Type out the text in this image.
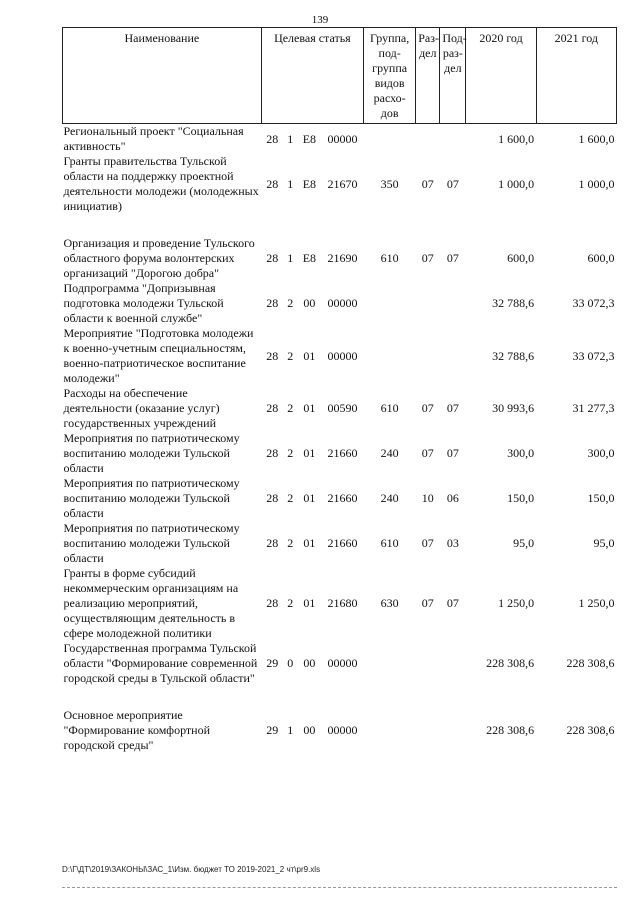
139
Наименование	Целевая статья				Группа, под- группа видов расхо- дов	Раз- дел	Под- раз- дел	2020 год	2021 год
Региональный проект "Социальная активность"	28	1	E8	00000				1 600,0	1 600,0
Гранты правительства Тульской области на поддержку проектной деятельности молодежи (молодежных инициатив)	28	1	E8	21670	350	07	07	1 000,0	1 000,0

Организация и проведение Тульского областного форума волонтерских организаций "Дорогою добра"	28	1	E8	21690	610	07	07	600,0	600,0
Подпрограмма "Допризывная подготовка молодежи Тульской области к военной службе"	28	2	00	00000				32 788,6	33 072,3
Мероприятие "Подготовка молодежи к военно-учетным специальностям, военно-патриотическое воспитание молодежи"	28	2	01	00000				32 788,6	33 072,3
Расходы на обеспечение деятельности (оказание услуг) государственных учреждений	28	2	01	00590	610	07	07	30 993,6	31 277,3
Мероприятия по патриотическому воспитанию молодежи Тульской области	28	2	01	21660	240	07	07	300,0	300,0
Мероприятия по патриотическому воспитанию молодежи Тульской области	28	2	01	21660	240	10	06	150,0	150,0
Мероприятия по патриотическому воспитанию молодежи Тульской области	28	2	01	21660	610	07	03	95,0	95,0
Гранты в форме субсидий некоммерческим организациям на реализацию мероприятий, осуществляющим деятельность в сфере молодежной политики	28	2	01	21680	630	07	07	1 250,0	1 250,0
Государственная программа Тульской области "Формирование современной городской среды в Тульской области"	29	0	00	00000				228 308,6	228 308,6

Основное мероприятие "Формирование комфортной городской среды"	29	1	00	00000				228 308,6	228 308,6
D:\Г\ДТ\2019\ЗАКОНЫ\ЗАС_1\Изм. бюджет ТО 2019-2021_2 чт\pr9.xls
